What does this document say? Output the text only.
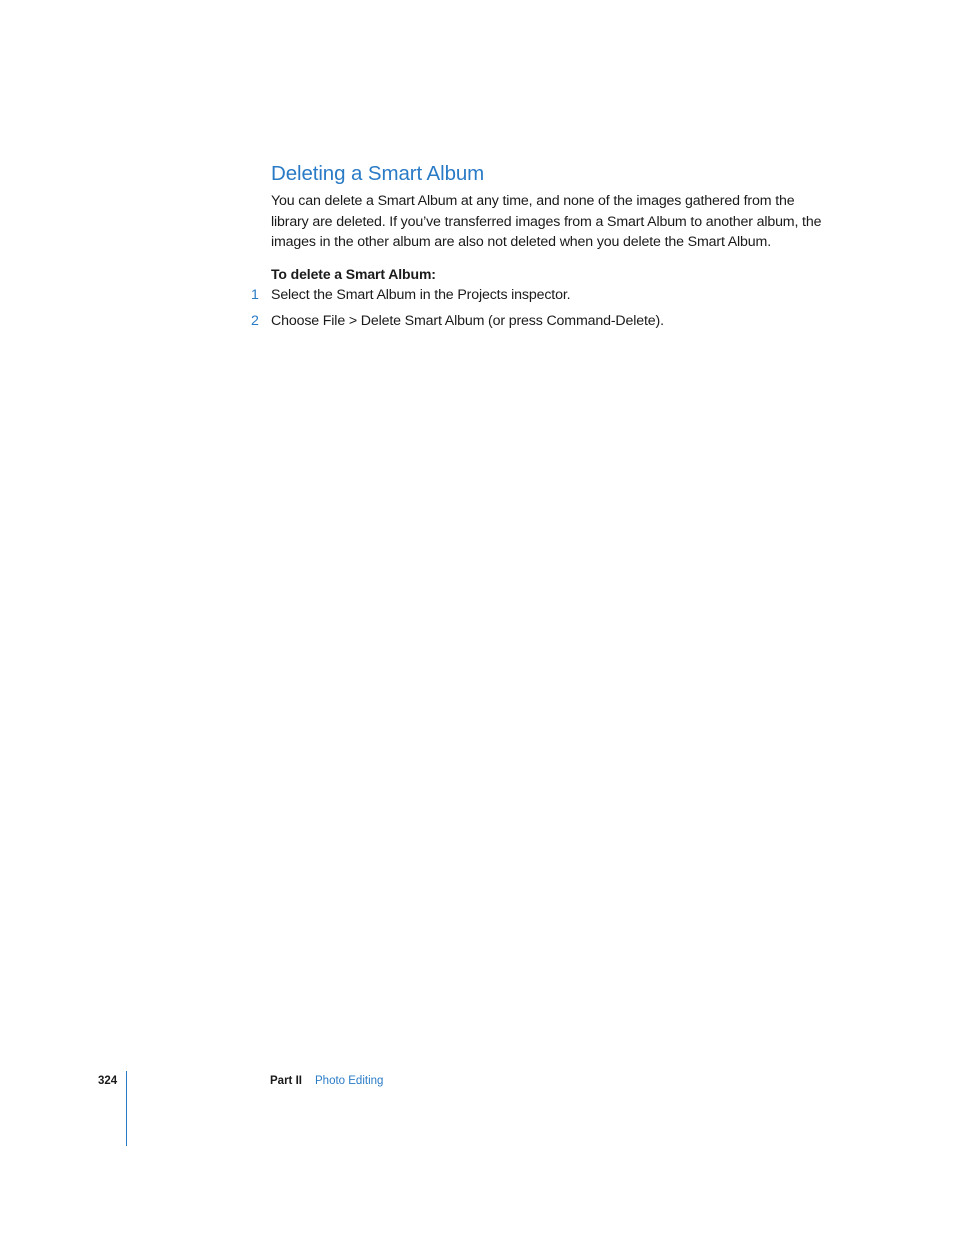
Deleting a Smart Album

You can delete a Smart Album at any time, and none of the images gathered from the library are deleted. If you’ve transferred images from a Smart Album to another album, the images in the other album are also not deleted when you delete the Smart Album.

To delete a Smart Album:
1 Select the Smart Album in the Projects inspector.
2 Choose File > Delete Smart Album (or press Command-Delete).
324	Part II Photo Editing
